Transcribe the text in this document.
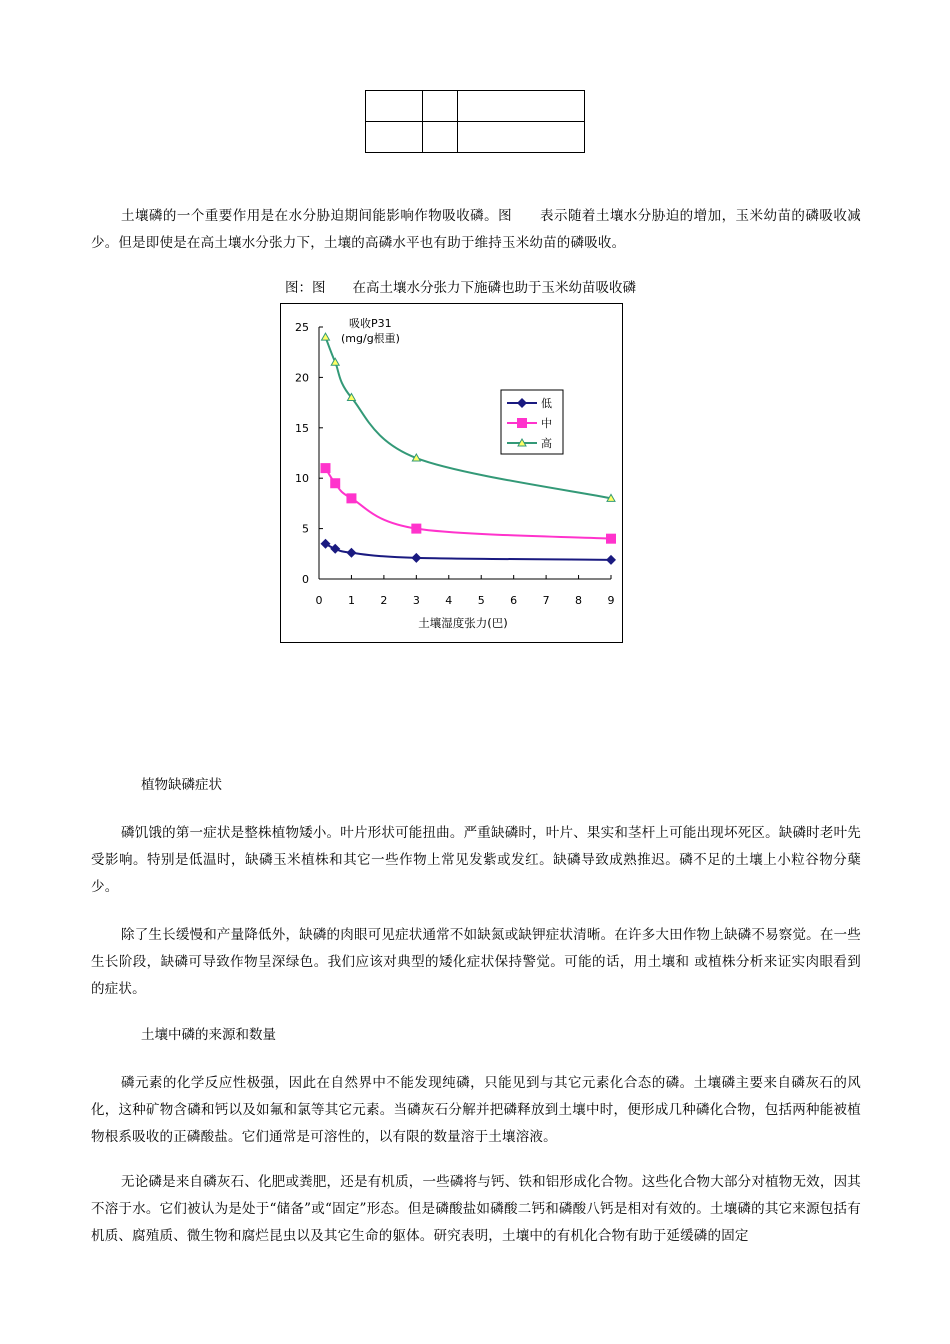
土壤磷的一个重要作用是在水分胁迫期间能影响作物吸收磷。图　　表示随着土壤水分胁迫的增加，玉米幼苗的磷吸收减少。但是即使是在高土壤水分张力下，土壤的高磷水平也有助于维持玉米幼苗的磷吸收。
图：图　　在高土壤水分张力下施磷也助于玉米幼苗吸收磷
0
5
10
15
20
25
0 1 2 3 4 5 6 7 8 9
吸收P31
(mg/g根重)
土壤湿度张力(巴)
低
中
高
植物缺磷症状
磷饥饿的第一症状是整株植物矮小。叶片形状可能扭曲。严重缺磷时，叶片、果实和茎杆上可能出现坏死区。缺磷时老叶先受影响。特别是低温时，缺磷玉米植株和其它一些作物上常见发紫或发红。缺磷导致成熟推迟。磷不足的土壤上小粒谷物分蘖少。
除了生长缓慢和产量降低外，缺磷的肉眼可见症状通常不如缺氮或缺钾症状清晰。在许多大田作物上缺磷不易察觉。在一些生长阶段，缺磷可导致作物呈深绿色。我们应该对典型的矮化症状保持警觉。可能的话，用土壤和 或植株分析来证实肉眼看到的症状。
土壤中磷的来源和数量
磷元素的化学反应性极强，因此在自然界中不能发现纯磷，只能见到与其它元素化合态的磷。土壤磷主要来自磷灰石的风化，这种矿物含磷和钙以及如氟和氯等其它元素。当磷灰石分解并把磷释放到土壤中时，便形成几种磷化合物，包括两种能被植物根系吸收的正磷酸盐。它们通常是可溶性的，以有限的数量溶于土壤溶液。
无论磷是来自磷灰石、化肥或粪肥，还是有机质，一些磷将与钙、铁和铝形成化合物。这些化合物大部分对植物无效，因其不溶于水。它们被认为是处于“储备”或“固定”形态。但是磷酸盐如磷酸二钙和磷酸八钙是相对有效的。土壤磷的其它来源包括有机质、腐殖质、微生物和腐烂昆虫以及其它生命的躯体。研究表明，土壤中的有机化合物有助于延缓磷的固定
